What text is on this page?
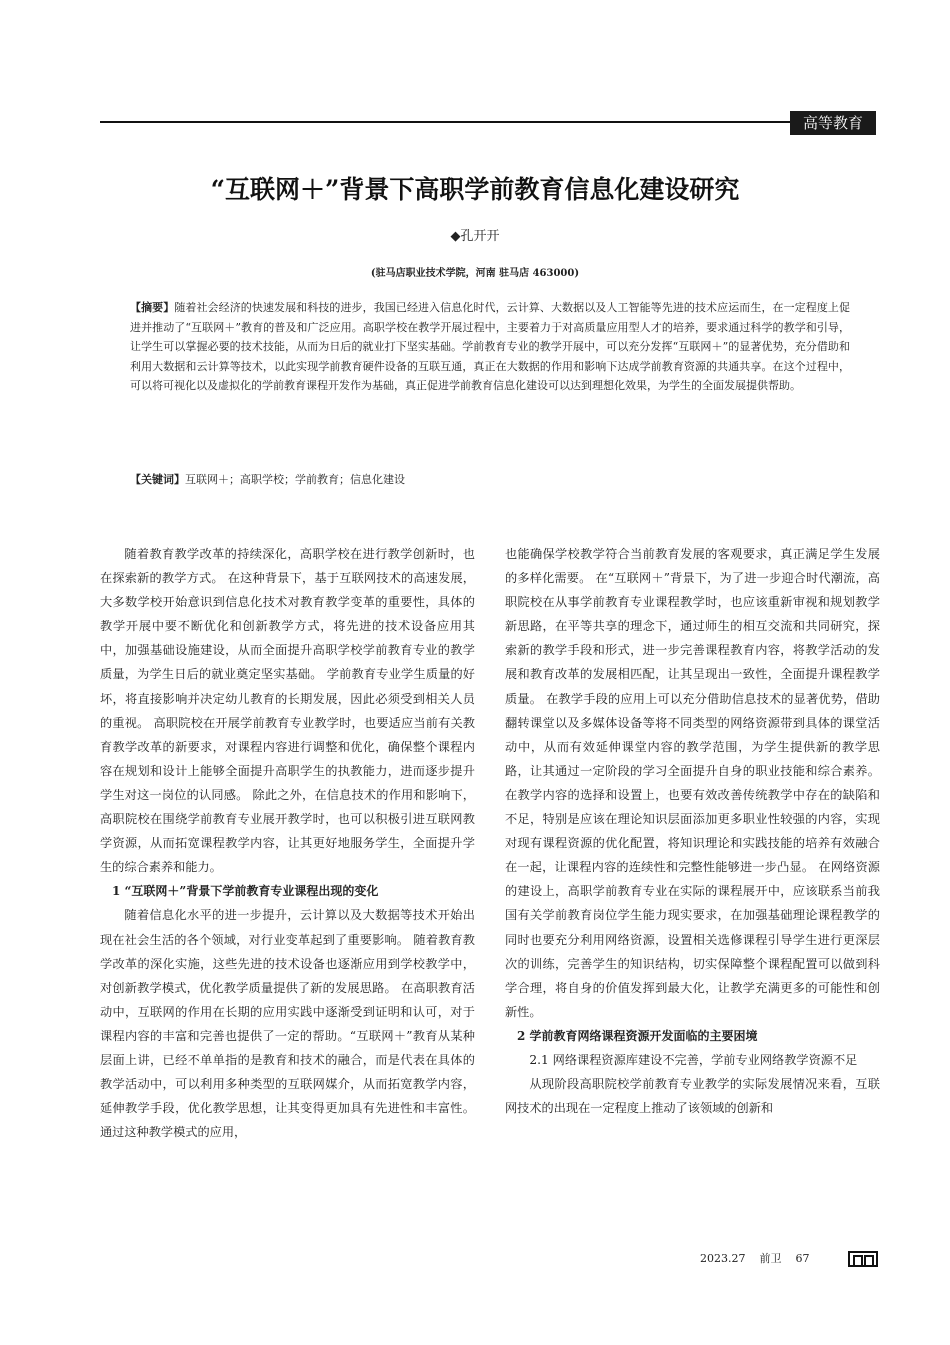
高等教育
“互联网＋”背景下高职学前教育信息化建设研究
◆孔开开
(驻马店职业技术学院，河南 驻马店 463000)
【摘要】随着社会经济的快速发展和科技的进步，我国已经进入信息化时代，云计算、大数据以及人工智能等先进的技术应运而生，在一定程度上促进并推动了“互联网＋”教育的普及和广泛应用。高职学校在教学开展过程中，主要着力于对高质量应用型人才的培养，要求通过科学的教学和引导，让学生可以掌握必要的技术技能，从而为日后的就业打下坚实基础。学前教育专业的教学开展中，可以充分发挥“互联网＋”的显著优势，充分借助和利用大数据和云计算等技术，以此实现学前教育硬件设备的互联互通，真正在大数据的作用和影响下达成学前教育资源的共通共享。在这个过程中，可以将可视化以及虚拟化的学前教育课程开发作为基础，真正促进学前教育信息化建设可以达到理想化效果，为学生的全面发展提供帮助。
【关键词】互联网＋；高职学校；学前教育；信息化建设

随着教育教学改革的持续深化，高职学校在进行教学创新时，也在探索新的教学方式。 在这种背景下，基于互联网技术的高速发展，大多数学校开始意识到信息化技术对教育教学变革的重要性，具体的教学开展中要不断优化和创新教学方式，将先进的技术设备应用其中，加强基础设施建设，从而全面提升高职学校学前教育专业的教学质量，为学生日后的就业奠定坚实基础。 学前教育专业学生质量的好坏，将直接影响并决定幼儿教育的长期发展，因此必须受到相关人员的重视。 高职院校在开展学前教育专业教学时，也要适应当前有关教育教学改革的新要求，对课程内容进行调整和优化，确保整个课程内容在规划和设计上能够全面提升高职学生的执教能力，进而逐步提升学生对这一岗位的认同感。 除此之外，在信息技术的作用和影响下，高职院校在围绕学前教育专业展开教学时，也可以积极引进互联网教学资源，从而拓宽课程教学内容，让其更好地服务学生，全面提升学生的综合素养和能力。

1 “互联网＋”背景下学前教育专业课程出现的变化

随着信息化水平的进一步提升，云计算以及大数据等技术开始出现在社会生活的各个领域，对行业变革起到了重要影响。 随着教育教学改革的深化实施，这些先进的技术设备也逐渐应用到学校教学中，对创新教学模式，优化教学质量提供了新的发展思路。 在高职教育活动中，互联网的作用在长期的应用实践中逐渐受到证明和认可，对于课程内容的丰富和完善也提供了一定的帮助。“互联网＋”教育从某种层面上讲，已经不单单指的是教育和技术的融合，而是代表在具体的教学活动中，可以利用多种类型的互联网媒介，从而拓宽教学内容，延伸教学手段，优化教学思想，让其变得更加具有先进性和丰富性。 通过这种教学模式的应用，

也能确保学校教学符合当前教育发展的客观要求，真正满足学生发展的多样化需要。 在“互联网＋”背景下，为了进一步迎合时代潮流，高职院校在从事学前教育专业课程教学时，也应该重新审视和规划教学新思路，在平等共享的理念下，通过师生的相互交流和共同研究，探索新的教学手段和形式，进一步完善课程教育内容，将教学活动的发展和教育改革的发展相匹配，让其呈现出一致性，全面提升课程教学质量。 在教学手段的应用上可以充分借助信息技术的显著优势，借助翻转课堂以及多媒体设备等将不同类型的网络资源带到具体的课堂活动中，从而有效延伸课堂内容的教学范围，为学生提供新的教学思路，让其通过一定阶段的学习全面提升自身的职业技能和综合素养。 在教学内容的选择和设置上，也要有效改善传统教学中存在的缺陷和不足，特别是应该在理论知识层面添加更多职业性较强的内容，实现对现有课程资源的优化配置，将知识理论和实践技能的培养有效融合在一起，让课程内容的连续性和完整性能够进一步凸显。 在网络资源的建设上，高职学前教育专业在实际的课程展开中，应该联系当前我国有关学前教育岗位学生能力现实要求，在加强基础理论课程教学的同时也要充分利用网络资源，设置相关选修课程引导学生进行更深层次的训练，完善学生的知识结构，切实保障整个课程配置可以做到科学合理，将自身的价值发挥到最大化，让教学充满更多的可能性和创新性。

2 学前教育网络课程资源开发面临的主要困境
2.1 网络课程资源库建设不完善，学前专业网络教学资源不足

从现阶段高职院校学前教育专业教学的实际发展情况来看，互联网技术的出现在一定程度上推动了该领域的创新和

2023.27 前卫 67
